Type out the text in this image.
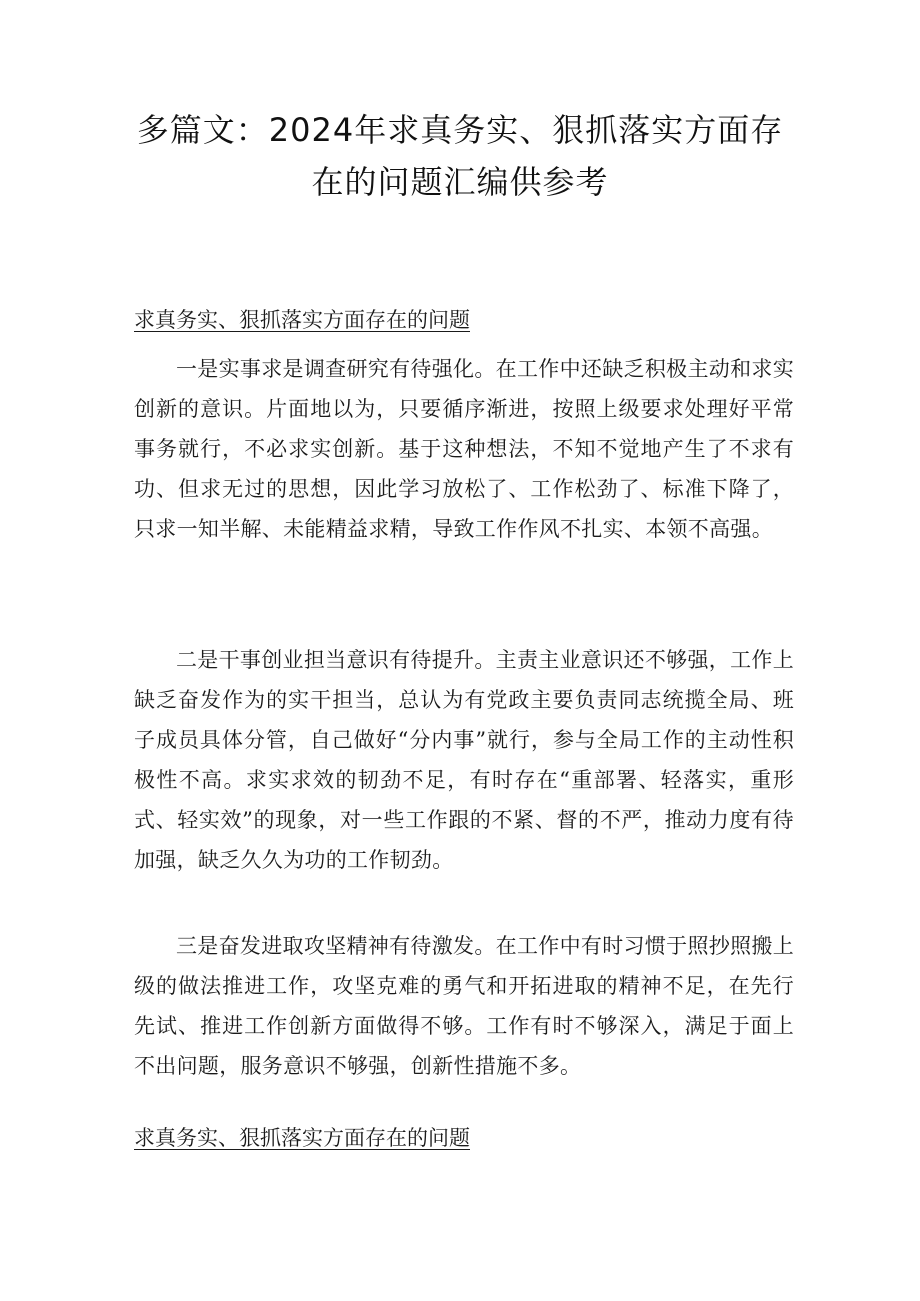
多篇文：2024年求真务实、狠抓落实方面存
在的问题汇编供参考
求真务实、狠抓落实方面存在的问题

一是实事求是调查研究有待强化。在工作中还缺乏积极主动和求实创新的意识。片面地以为，只要循序渐进，按照上级要求处理好平常事务就行，不必求实创新。基于这种想法，不知不觉地产生了不求有功、但求无过的思想，因此学习放松了、工作松劲了、标准下降了，只求一知半解、未能精益求精，导致工作作风不扎实、本领不高强。

二是干事创业担当意识有待提升。主责主业意识还不够强，工作上缺乏奋发作为的实干担当，总认为有党政主要负责同志统揽全局、班子成员具体分管，自己做好“分内事”就行，参与全局工作的主动性积极性不高。求实求效的韧劲不足，有时存在“重部署、轻落实，重形式、轻实效”的现象，对一些工作跟的不紧、督的不严，推动力度有待加强，缺乏久久为功的工作韧劲。

三是奋发进取攻坚精神有待激发。在工作中有时习惯于照抄照搬上级的做法推进工作，攻坚克难的勇气和开拓进取的精神不足，在先行先试、推进工作创新方面做得不够。工作有时不够深入，满足于面上不出问题，服务意识不够强，创新性措施不多。

求真务实、狠抓落实方面存在的问题
